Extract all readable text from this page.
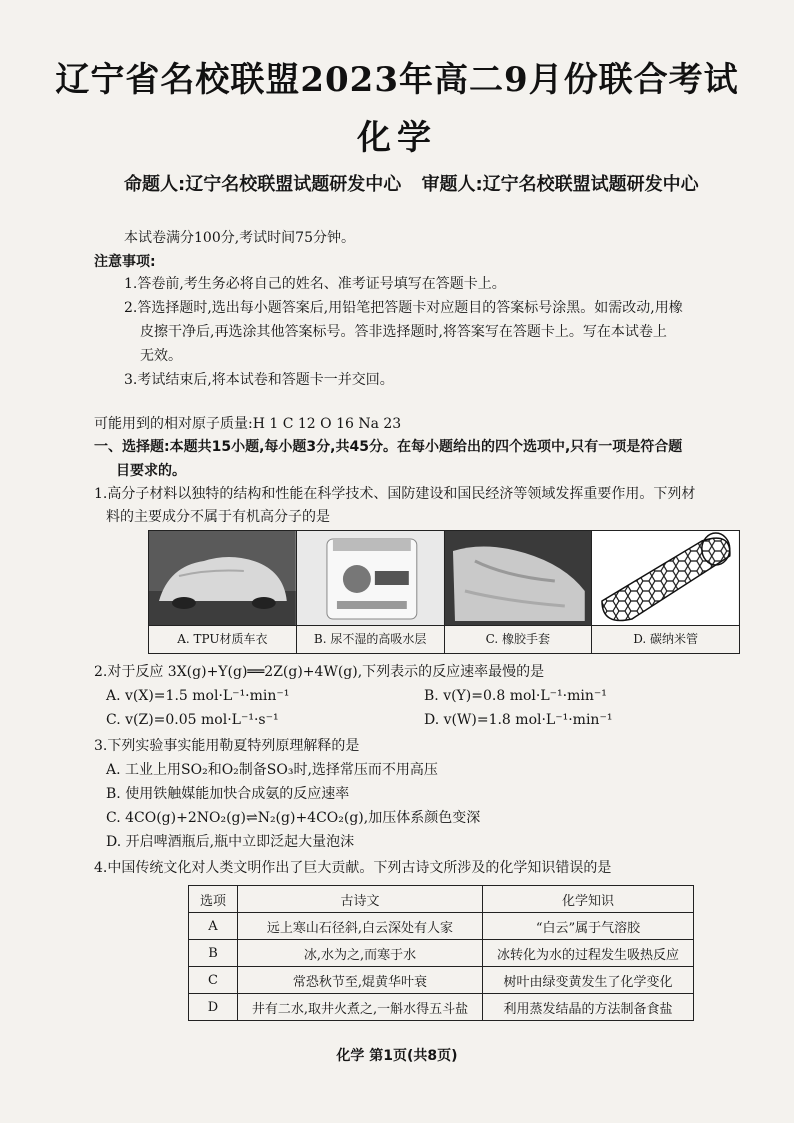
辽宁省名校联盟2023年高二9月份联合考试
化学
命题人:辽宁名校联盟试题研发中心 审题人:辽宁名校联盟试题研发中心
本试卷满分100分,考试时间75分钟。
注意事项:
1.答卷前,考生务必将自己的姓名、准考证号填写在答题卡上。
2.答选择题时,选出每小题答案后,用铅笔把答题卡对应题目的答案标号涂黑。如需改动,用橡
皮擦干净后,再选涂其他答案标号。答非选择题时,将答案写在答题卡上。写在本试卷上
无效。
3.考试结束后,将本试卷和答题卡一并交回。
可能用到的相对原子质量:H 1 C 12 O 16 Na 23
一、选择题:本题共15小题,每小题3分,共45分。在每小题给出的四个选项中,只有一项是符合题
目要求的。
1.高分子材料以独特的结构和性能在科学技术、国防建设和国民经济等领域发挥重要作用。下列材
料的主要成分不属于有机高分子的是
A. TPU材质车衣	B. 尿不湿的高吸水层	C. 橡胶手套	D. 碳纳米管
2.对于反应 3X(g)+Y(g)══2Z(g)+4W(g),下列表示的反应速率最慢的是
A. v(X)=1.5 mol·L⁻¹·min⁻¹	B. v(Y)=0.8 mol·L⁻¹·min⁻¹
C. v(Z)=0.05 mol·L⁻¹·s⁻¹	D. v(W)=1.8 mol·L⁻¹·min⁻¹
3.下列实验事实能用勒夏特列原理解释的是
A. 工业上用SO₂和O₂制备SO₃时,选择常压而不用高压
B. 使用铁触媒能加快合成氨的反应速率
C. 4CO(g)+2NO₂(g)⇌N₂(g)+4CO₂(g),加压体系颜色变深
D. 开启啤酒瓶后,瓶中立即泛起大量泡沫
4.中国传统文化对人类文明作出了巨大贡献。下列古诗文所涉及的化学知识错误的是
选项	古诗文	化学知识
A	远上寒山石径斜,白云深处有人家	“白云”属于气溶胶
B	冰,水为之,而寒于水	冰转化为水的过程发生吸热反应
C	常恐秋节至,焜黄华叶衰	树叶由绿变黄发生了化学变化
D	井有二水,取井火煮之,一斛水得五斗盐	利用蒸发结晶的方法制备食盐
化学 第1页(共8页)
